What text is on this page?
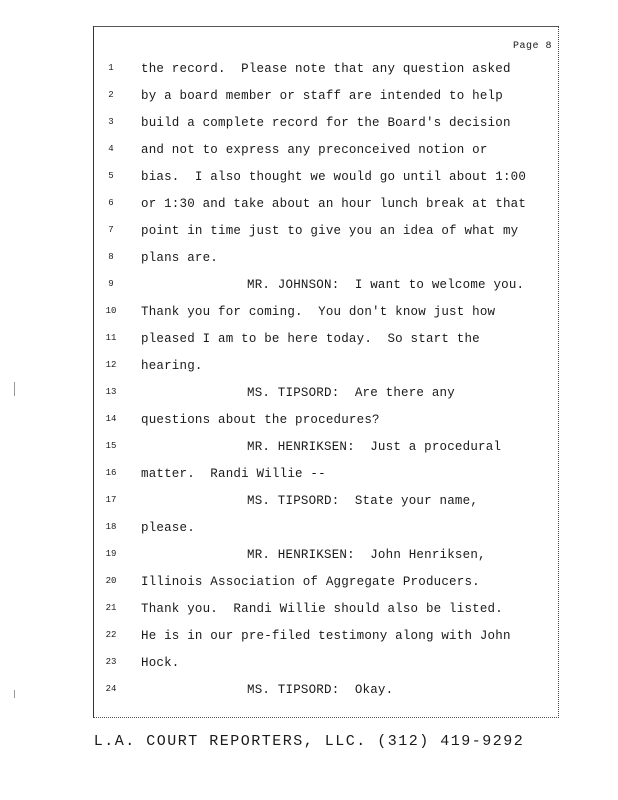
Page 8
1	the record.  Please note that any question asked
2	by a board member or staff are intended to help
3	build a complete record for the Board's decision
4	and not to express any preconceived notion or
5	bias.  I also thought we would go until about 1:00
6	or 1:30 and take about an hour lunch break at that
7	point in time just to give you an idea of what my
8	plans are.
9	MR. JOHNSON:  I want to welcome you.
10 Thank you for coming.  You don't know just how
11 pleased I am to be here today.  So start the
12 hearing.
13	MS. TIPSORD:  Are there any
14 questions about the procedures?
15	MR. HENRIKSEN:  Just a procedural
16 matter.  Randi Willie --
17	MS. TIPSORD:  State your name,
18 please.
19	MR. HENRIKSEN:  John Henriksen,
20 Illinois Association of Aggregate Producers.
21 Thank you.  Randi Willie should also be listed.
22 He is in our pre-filed testimony along with John
23 Hock.
24	MS. TIPSORD:  Okay.
L.A. COURT REPORTERS, LLC. (312) 419-9292
